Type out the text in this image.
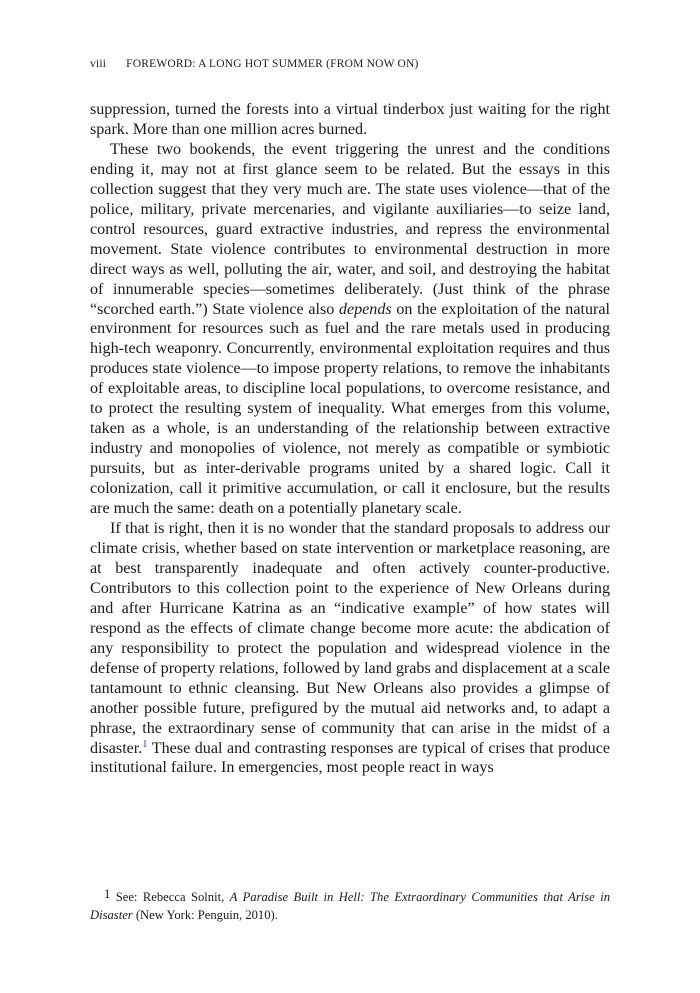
viii FOREWORD: A LONG HOT SUMMER (FROM NOW ON)

suppression, turned the forests into a virtual tinderbox just waiting for the right spark. More than one million acres burned.

These two bookends, the event triggering the unrest and the conditions ending it, may not at first glance seem to be related. But the essays in this collection suggest that they very much are. The state uses violence—that of the police, military, private mercenaries, and vigilante auxiliaries—to seize land, control resources, guard extractive industries, and repress the environmental movement. State violence contributes to environmental destruction in more direct ways as well, polluting the air, water, and soil, and destroying the habitat of innumerable species—sometimes deliberately. (Just think of the phrase “scorched earth.”) State violence also depends on the exploitation of the natural environment for resources such as fuel and the rare metals used in producing high-tech weaponry. Concurrently, environmental exploitation requires and thus produces state violence—to impose property relations, to remove the inhabitants of exploitable areas, to discipline local populations, to overcome resistance, and to protect the resulting system of inequality. What emerges from this volume, taken as a whole, is an understanding of the relationship between extractive industry and monopolies of violence, not merely as compatible or symbiotic pursuits, but as inter-derivable programs united by a shared logic. Call it colonization, call it primitive accumulation, or call it enclosure, but the results are much the same: death on a potentially planetary scale.

If that is right, then it is no wonder that the standard proposals to address our climate crisis, whether based on state intervention or marketplace reasoning, are at best transparently inadequate and often actively counter-productive. Contributors to this collection point to the experience of New Orleans during and after Hurricane Katrina as an “indicative example” of how states will respond as the effects of climate change become more acute: the abdication of any responsibility to protect the population and widespread violence in the defense of property relations, followed by land grabs and displacement at a scale tantamount to ethnic cleansing. But New Orleans also provides a glimpse of another possible future, prefigured by the mutual aid networks and, to adapt a phrase, the extraordinary sense of community that can arise in the midst of a disaster.$^1$ These dual and contrasting responses are typical of crises that produce institutional failure. In emergencies, most people react in ways

1 See: Rebecca Solnit, A Paradise Built in Hell: The Extraordinary Communities that Arise in Disaster (New York: Penguin, 2010).
